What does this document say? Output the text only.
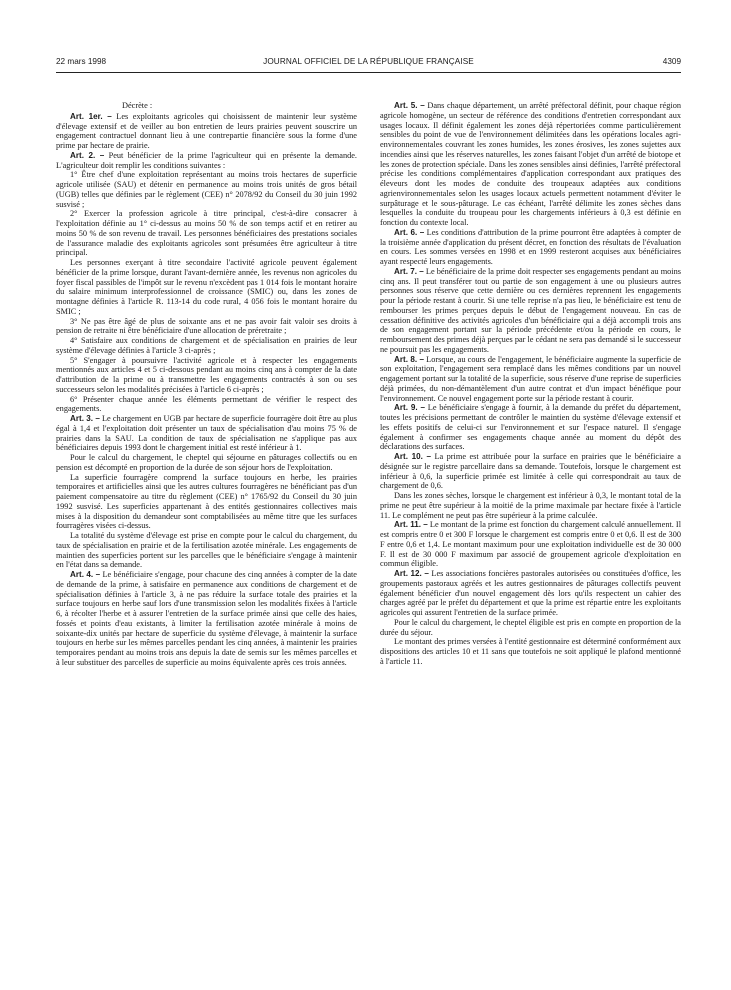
22 mars 1998	JOURNAL OFFICIEL DE LA RÉPUBLIQUE FRANÇAISE	4309

Décrète :

Art. 1er. – Les exploitants agricoles qui choisissent de maintenir leur système d'élevage extensif et de veiller au bon entretien de leurs prairies peuvent souscrire un engagement contractuel donnant lieu à une contrepartie financière sous la forme d'une prime par hectare de prairie.

Art. 2. – Peut bénéficier de la prime l'agriculteur qui en présente la demande. L'agriculteur doit remplir les conditions suivantes :

1° Être chef d'une exploitation représentant au moins trois hectares de superficie agricole utilisée (SAU) et détenir en permanence au moins trois unités de gros bétail (UGB) telles que définies par le règlement (CEE) n° 2078/92 du Conseil du 30 juin 1992 susvisé ;

2° Exercer la profession agricole à titre principal, c'est-à-dire consacrer à l'exploitation définie au 1° ci-dessus au moins 50 % de son temps actif et en retirer au moins 50 % de son revenu de travail. Les personnes bénéficiaires des prestations sociales de l'assurance maladie des exploitants agricoles sont présumées être agriculteur à titre principal.

Les personnes exerçant à titre secondaire l'activité agricole peuvent également bénéficier de la prime lorsque, durant l'avant-dernière année, les revenus non agricoles du foyer fiscal passibles de l'impôt sur le revenu n'excèdent pas 1 014 fois le montant horaire du salaire minimum interprofessionnel de croissance (SMIC) ou, dans les zones de montagne définies à l'article R. 113-14 du code rural, 4 056 fois le montant horaire du SMIC ;

3° Ne pas être âgé de plus de soixante ans et ne pas avoir fait valoir ses droits à pension de retraite ni être bénéficiaire d'une allocation de préretraite ;

4° Satisfaire aux conditions de chargement et de spécialisation en prairies de leur système d'élevage définies à l'article 3 ci-après ;

5° S'engager à poursuivre l'activité agricole et à respecter les engagements mentionnés aux articles 4 et 5 ci-dessous pendant au moins cinq ans à compter de la date d'attribution de la prime ou à transmettre les engagements contractés à son ou ses successeurs selon les modalités précisées à l'article 6 ci-après ;

6° Présenter chaque année les éléments permettant de vérifier le respect des engagements.

Art. 3. – Le chargement en UGB par hectare de superficie fourragère doit être au plus égal à 1,4 et l'exploitation doit présenter un taux de spécialisation d'au moins 75 % de prairies dans la SAU. La condition de taux de spécialisation ne s'applique pas aux bénéficiaires depuis 1993 dont le chargement initial est resté inférieur à 1.

Pour le calcul du chargement, le cheptel qui séjourne en pâturages collectifs ou en pension est décompté en proportion de la durée de son séjour hors de l'exploitation.

La superficie fourragère comprend la surface toujours en herbe, les prairies temporaires et artificielles ainsi que les autres cultures fourragères ne bénéficiant pas d'un paiement compensatoire au titre du règlement (CEE) n° 1765/92 du Conseil du 30 juin 1992 susvisé. Les superficies appartenant à des entités gestionnaires collectives mais mises à la disposition du demandeur sont comptabilisées au même titre que les surfaces fourragères visées ci-dessus.

La totalité du système d'élevage est prise en compte pour le calcul du chargement, du taux de spécialisation en prairie et de la fertilisation azotée minérale. Les engagements de maintien des superficies portent sur les parcelles que le bénéficiaire s'engage à maintenir en l'état dans sa demande.

Art. 4. – Le bénéficiaire s'engage, pour chacune des cinq années à compter de la date de demande de la prime, à satisfaire en permanence aux conditions de chargement et de spécialisation définies à l'article 3, à ne pas réduire la surface totale des prairies et la surface toujours en herbe sauf lors d'une transmission selon les modalités fixées à l'article 6, à récolter l'herbe et à assurer l'entretien de la surface primée ainsi que celle des haies, fossés et points d'eau existants, à limiter la fertilisation azotée minérale à moins de soixante-dix unités par hectare de superficie du système d'élevage, à maintenir la surface toujours en herbe sur les mêmes parcelles pendant les cinq années, à maintenir les prairies temporaires pendant au moins trois ans depuis la date de semis sur les mêmes parcelles et à leur substituer des parcelles de superficie au moins équivalente après ces trois années.

Art. 5. – Dans chaque département, un arrêté préfectoral définit, pour chaque région agricole homogène, un secteur de référence des conditions d'entretien correspondant aux usages locaux. Il définit également les zones déjà répertoriées comme particulièrement sensibles du point de vue de l'environnement délimitées dans les opérations locales agri-environnementales couvrant les zones humides, les zones érosives, les zones sujettes aux incendies ainsi que les réserves naturelles, les zones faisant l'objet d'un arrêté de biotope et les zones de protection spéciale. Dans les zones sensibles ainsi définies, l'arrêté préfectoral précise les conditions complémentaires d'application correspondant aux pratiques des éleveurs dont les modes de conduite des troupeaux adaptées aux conditions agrienvironnementales selon les usages locaux actuels permettent notamment d'éviter le surpâturage et le sous-pâturage. Le cas échéant, l'arrêté délimite les zones sèches dans lesquelles la conduite du troupeau pour les chargements inférieurs à 0,3 est définie en fonction du contexte local.

Art. 6. – Les conditions d'attribution de la prime pourront être adaptées à compter de la troisième année d'application du présent décret, en fonction des résultats de l'évaluation en cours. Les sommes versées en 1998 et en 1999 resteront acquises aux bénéficiaires ayant respecté leurs engagements.

Art. 7. – Le bénéficiaire de la prime doit respecter ses engagements pendant au moins cinq ans. Il peut transférer tout ou partie de son engagement à une ou plusieurs autres personnes sous réserve que cette dernière ou ces dernières reprennent les engagements pour la période restant à courir. Si une telle reprise n'a pas lieu, le bénéficiaire est tenu de rembourser les primes perçues depuis le début de l'engagement nouveau. En cas de cessation définitive des activités agricoles d'un bénéficiaire qui a déjà accompli trois ans de son engagement portant sur la période précédente et/ou la période en cours, le remboursement des primes déjà perçues par le cédant ne sera pas demandé si le successeur ne poursuit pas les engagements.

Art. 8. – Lorsque, au cours de l'engagement, le bénéficiaire augmente la superficie de son exploitation, l'engagement sera remplacé dans les mêmes conditions par un nouvel engagement portant sur la totalité de la superficie, sous réserve d'une reprise de superficies déjà primées, du non-démantèlement d'un autre contrat et d'un impact bénéfique pour l'environnement. Ce nouvel engagement porte sur la période restant à courir.

Art. 9. – Le bénéficiaire s'engage à fournir, à la demande du préfet du département, toutes les précisions permettant de contrôler le maintien du système d'élevage extensif et les effets positifs de celui-ci sur l'environnement et sur l'espace naturel. Il s'engage également à confirmer ses engagements chaque année au moment du dépôt des déclarations des surfaces.

Art. 10. – La prime est attribuée pour la surface en prairies que le bénéficiaire a désignée sur le registre parcellaire dans sa demande. Toutefois, lorsque le chargement est inférieur à 0,6, la superficie primée est limitée à celle qui correspondrait au taux de chargement de 0,6.

Dans les zones sèches, lorsque le chargement est inférieur à 0,3, le montant total de la prime ne peut être supérieur à la moitié de la prime maximale par hectare fixée à l'article 11. Le complément ne peut pas être supérieur à la prime calculée.

Art. 11. – Le montant de la prime est fonction du chargement calculé annuellement. Il est compris entre 0 et 300 F lorsque le chargement est compris entre 0 et 0,6. Il est de 300 F entre 0,6 et 1,4. Le montant maximum pour une exploitation individuelle est de 30 000 F. Il est de 30 000 F maximum par associé de groupement agricole d'exploitation en commun éligible.

Art. 12. – Les associations foncières pastorales autorisées ou constituées d'office, les groupements pastoraux agréés et les autres gestionnaires de pâturages collectifs peuvent également bénéficier d'un nouvel engagement dès lors qu'ils respectent un cahier des charges agréé par le préfet du département et que la prime est répartie entre les exploitants agricoles qui assurent l'entretien de la surface primée.

Pour le calcul du chargement, le cheptel éligible est pris en compte en proportion de la durée du séjour.

Le montant des primes versées à l'entité gestionnaire est déterminé conformément aux dispositions des articles 10 et 11 sans que toutefois ne soit appliqué le plafond mentionné à l'article 11.
